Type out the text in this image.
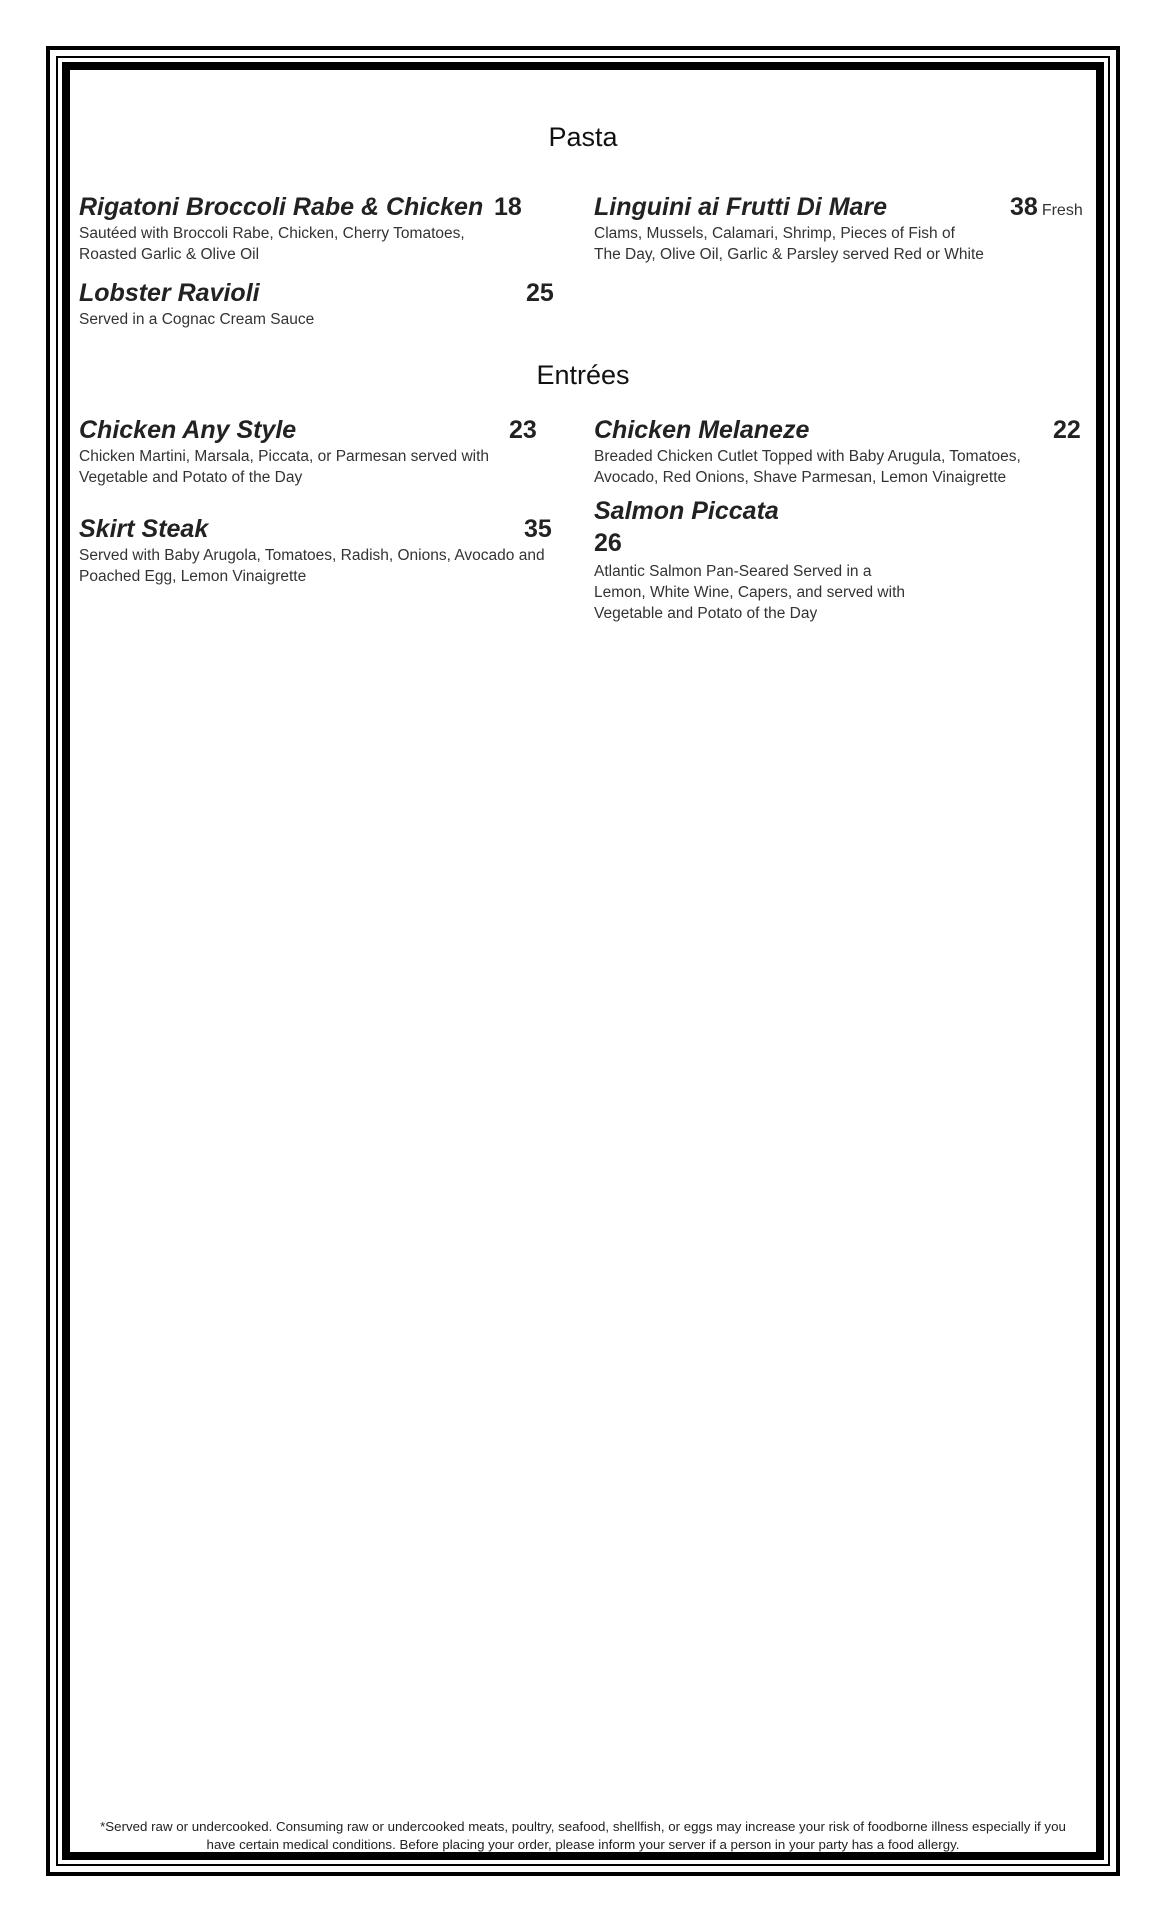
Pasta
Rigatoni Broccoli Rabe & Chicken 18
Sautéed with Broccoli Rabe, Chicken, Cherry Tomatoes,
Roasted Garlic & Olive Oil
Linguini ai Frutti Di Mare	38 Fresh
Clams, Mussels, Calamari, Shrimp, Pieces of Fish of
The Day, Olive Oil, Garlic & Parsley served Red or White
Lobster Ravioli	25
Served in a Cognac Cream Sauce
Entrées
Chicken Any Style	23
Chicken Martini, Marsala, Piccata, or Parmesan served with
Vegetable and Potato of the Day
Chicken Melaneze	22
Breaded Chicken Cutlet Topped with Baby Arugula, Tomatoes,
Avocado, Red Onions, Shave Parmesan, Lemon Vinaigrette
Skirt Steak	35
Served with Baby Arugola, Tomatoes, Radish, Onions, Avocado and
Poached Egg, Lemon Vinaigrette
Salmon Piccata
26
Atlantic Salmon Pan-Seared Served in a
Lemon, White Wine, Capers, and served with
Vegetable and Potato of the Day
*Served raw or undercooked. Consuming raw or undercooked meats, poultry, seafood, shellfish, or eggs may increase your risk of foodborne illness especially if you
have certain medical conditions. Before placing your order, please inform your server if a person in your party has a food allergy.
